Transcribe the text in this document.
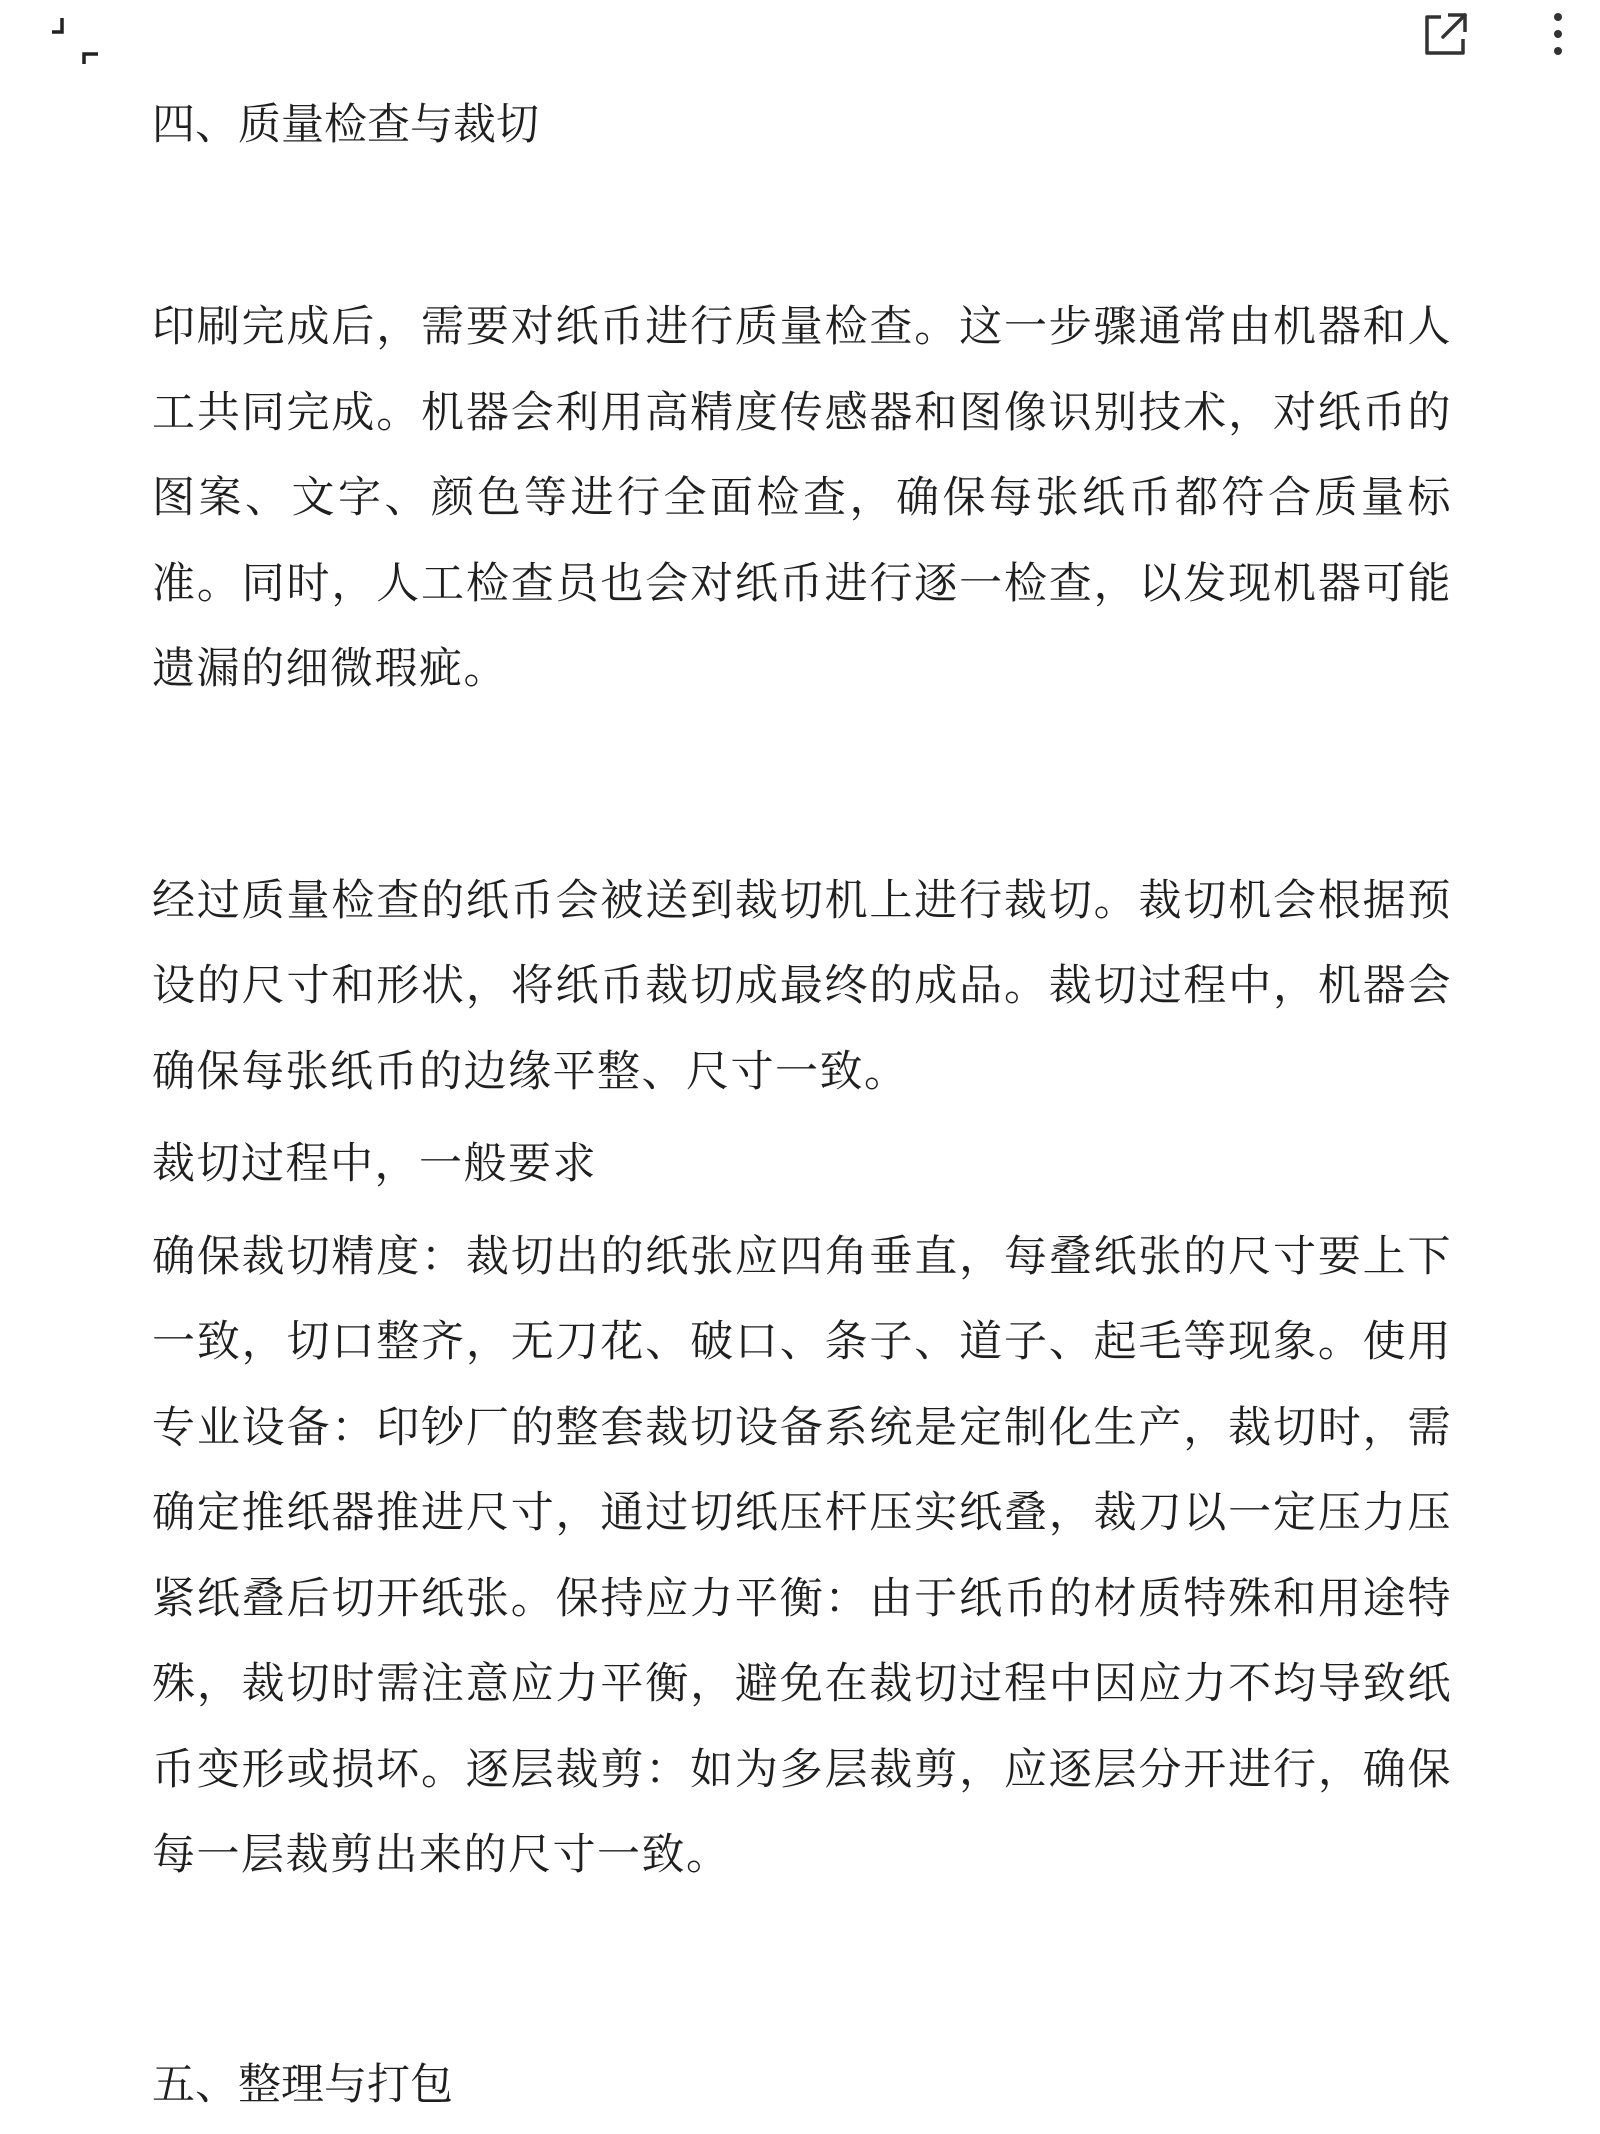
四、质量检查与裁切

印刷完成后，需要对纸币进行质量检查。这一步骤通常由机器和人工共同完成。机器会利用高精度传感器和图像识别技术，对纸币的图案、文字、颜色等进行全面检查，确保每张纸币都符合质量标准。同时，人工检查员也会对纸币进行逐一检查，以发现机器可能遗漏的细微瑕疵。

经过质量检查的纸币会被送到裁切机上进行裁切。裁切机会根据预设的尺寸和形状，将纸币裁切成最终的成品。裁切过程中，机器会确保每张纸币的边缘平整、尺寸一致。

裁切过程中，一般要求

确保裁切精度：裁切出的纸张应四角垂直，每叠纸张的尺寸要上下一致，切口整齐，无刀花、破口、条子、道子、起毛等现象。使用专业设备：印钞厂的整套裁切设备系统是定制化生产，裁切时，需确定推纸器推进尺寸，通过切纸压杆压实纸叠，裁刀以一定压力压紧纸叠后切开纸张。保持应力平衡：由于纸币的材质特殊和用途特殊，裁切时需注意应力平衡，避免在裁切过程中因应力不均导致纸币变形或损坏。逐层裁剪：如为多层裁剪，应逐层分开进行，确保每一层裁剪出来的尺寸一致。

五、整理与打包
